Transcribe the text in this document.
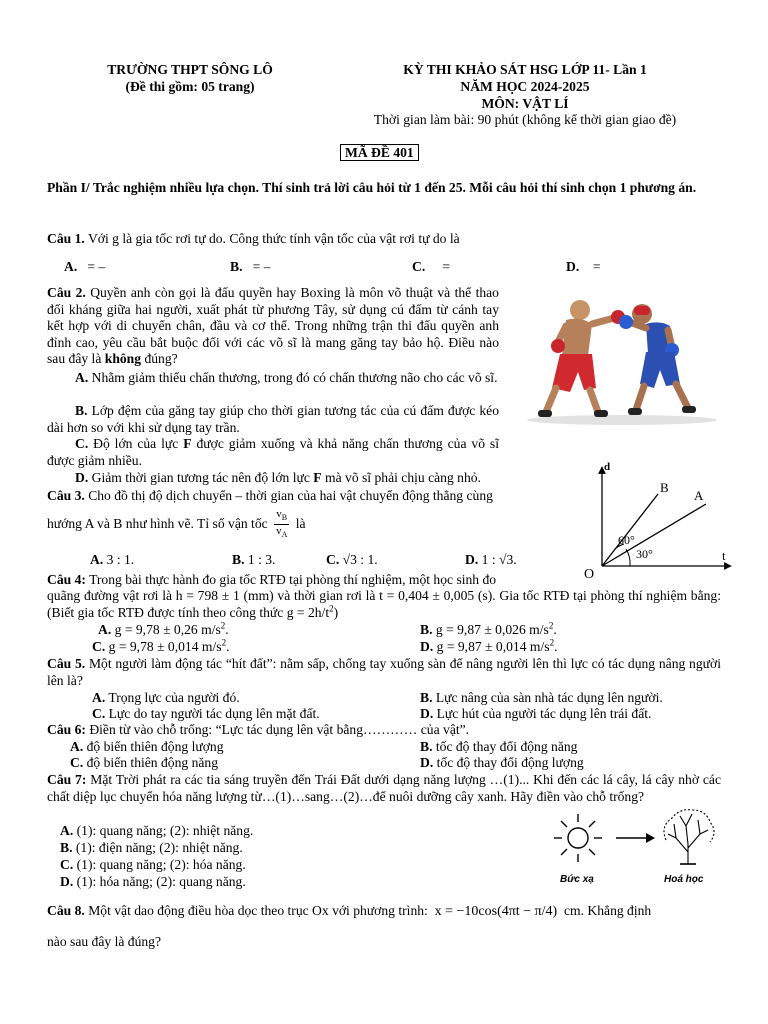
TRƯỜNG THPT SÔNG LÔ
(Đề thi gồm: 05 trang)
KỲ THI KHẢO SÁT HSG LỚP 11- Lần 1
NĂM HỌC 2024-2025
MÔN: VẬT LÍ
Thời gian làm bài: 90 phút (không kể thời gian giao đề)
MÃ ĐỀ 401
Phần I/ Trắc nghiệm nhiều lựa chọn. Thí sinh trả lời câu hỏi từ 1 đến 25. Mỗi câu hỏi thí sinh chọn 1 phương án.
Câu 1. Với g là gia tốc rơi tự do. Công thức tính vận tốc của vật rơi tự do là
A. = –	B. = –	C. =	D. =
Câu 2. Quyền anh còn gọi là đấu quyền hay Boxing là môn võ thuật và thể thao đối kháng giữa hai người, xuất phát từ phương Tây, sử dụng cú đấm từ cánh tay kết hợp với di chuyển chân, đầu và cơ thể. Trong những trận thi đấu quyền anh đỉnh cao, yêu cầu bắt buộc đối với các võ sĩ là mang găng tay bảo hộ. Điều nào sau đây là không đúng?
A. Nhằm giảm thiểu chấn thương, trong đó có chấn thương não cho các võ sĩ.
B. Lớp đệm của găng tay giúp cho thời gian tương tác của cú đấm được kéo dài hơn so với khi sử dụng tay trần.
C. Độ lớn của lực F được giảm xuống và khả năng chấn thương của võ sĩ được giảm nhiều.
D. Giảm thời gian tương tác nên độ lớn lực F mà võ sĩ phải chịu càng nhỏ.
Câu 3. Cho đồ thị độ dịch chuyển – thời gian của hai vật chuyển động thẳng cùng
hướng A và B như hình vẽ. Tỉ số vận tốc $\frac{v_B}{v_A}$ là
A. 3 : 1.	B. 1 : 3.	C. √3 : 1.	D. 1 : √3.
d
t
O
B
A
60°
30°
Câu 4: Trong bài thực hành đo gia tốc RTĐ tại phòng thí nghiệm, một học sinh đo
quãng đường vật rơi là h = 798 ± 1 (mm) và thời gian rơi là t = 0,404 ± 0,005 (s). Gia tốc RTĐ tại phòng thí nghiệm bằng: (Biết gia tốc RTĐ được tính theo công thức $g = 2h/t^2$)
A. g = 9,78 ± 0,26 $m/s^2$.	B. g = 9,87 ± 0,026 $m/s^2$.
C. g = 9,78 ± 0,014 $m/s^2$.	D. g = 9,87 ± 0,014 $m/s^2$.
Câu 5. Một người làm động tác “hít đất”: nằm sấp, chống tay xuống sàn để nâng người lên thì lực có tác dụng nâng người lên là?
A. Trọng lực của người đó.	B. Lực nâng của sàn nhà tác dụng lên người.
C. Lực do tay người tác dụng lên mặt đất.	D. Lực hút của người tác dụng lên trái đất.
Câu 6: Điền từ vào chỗ trống: “Lực tác dụng lên vật bằng………… của vật”.
A. độ biến thiên động lượng	B. tốc độ thay đổi động năng
C. độ biến thiên động năng	D. tốc độ thay đổi động lượng
Câu 7: Mặt Trời phát ra các tia sáng truyền đến Trái Đất dưới dạng năng lượng …(1)... Khi đến các lá cây, lá cây nhờ các chất diệp lục chuyển hóa năng lượng từ…(1)…sang…(2)…để nuôi dưỡng cây xanh. Hãy điền vào chỗ trống?
A. (1): quang năng; (2): nhiệt năng.
B. (1): điện năng; (2): nhiệt năng.
C. (1): quang năng; (2): hóa năng.
D. (1): hóa năng; (2): quang năng.	Bức xạ	Hoá học
Câu 8. Một vật dao động điều hòa dọc theo trục Ox với phương trình: x = −10cos(4πt − π/4) cm. Khẳng định
nào sau đây là đúng?
